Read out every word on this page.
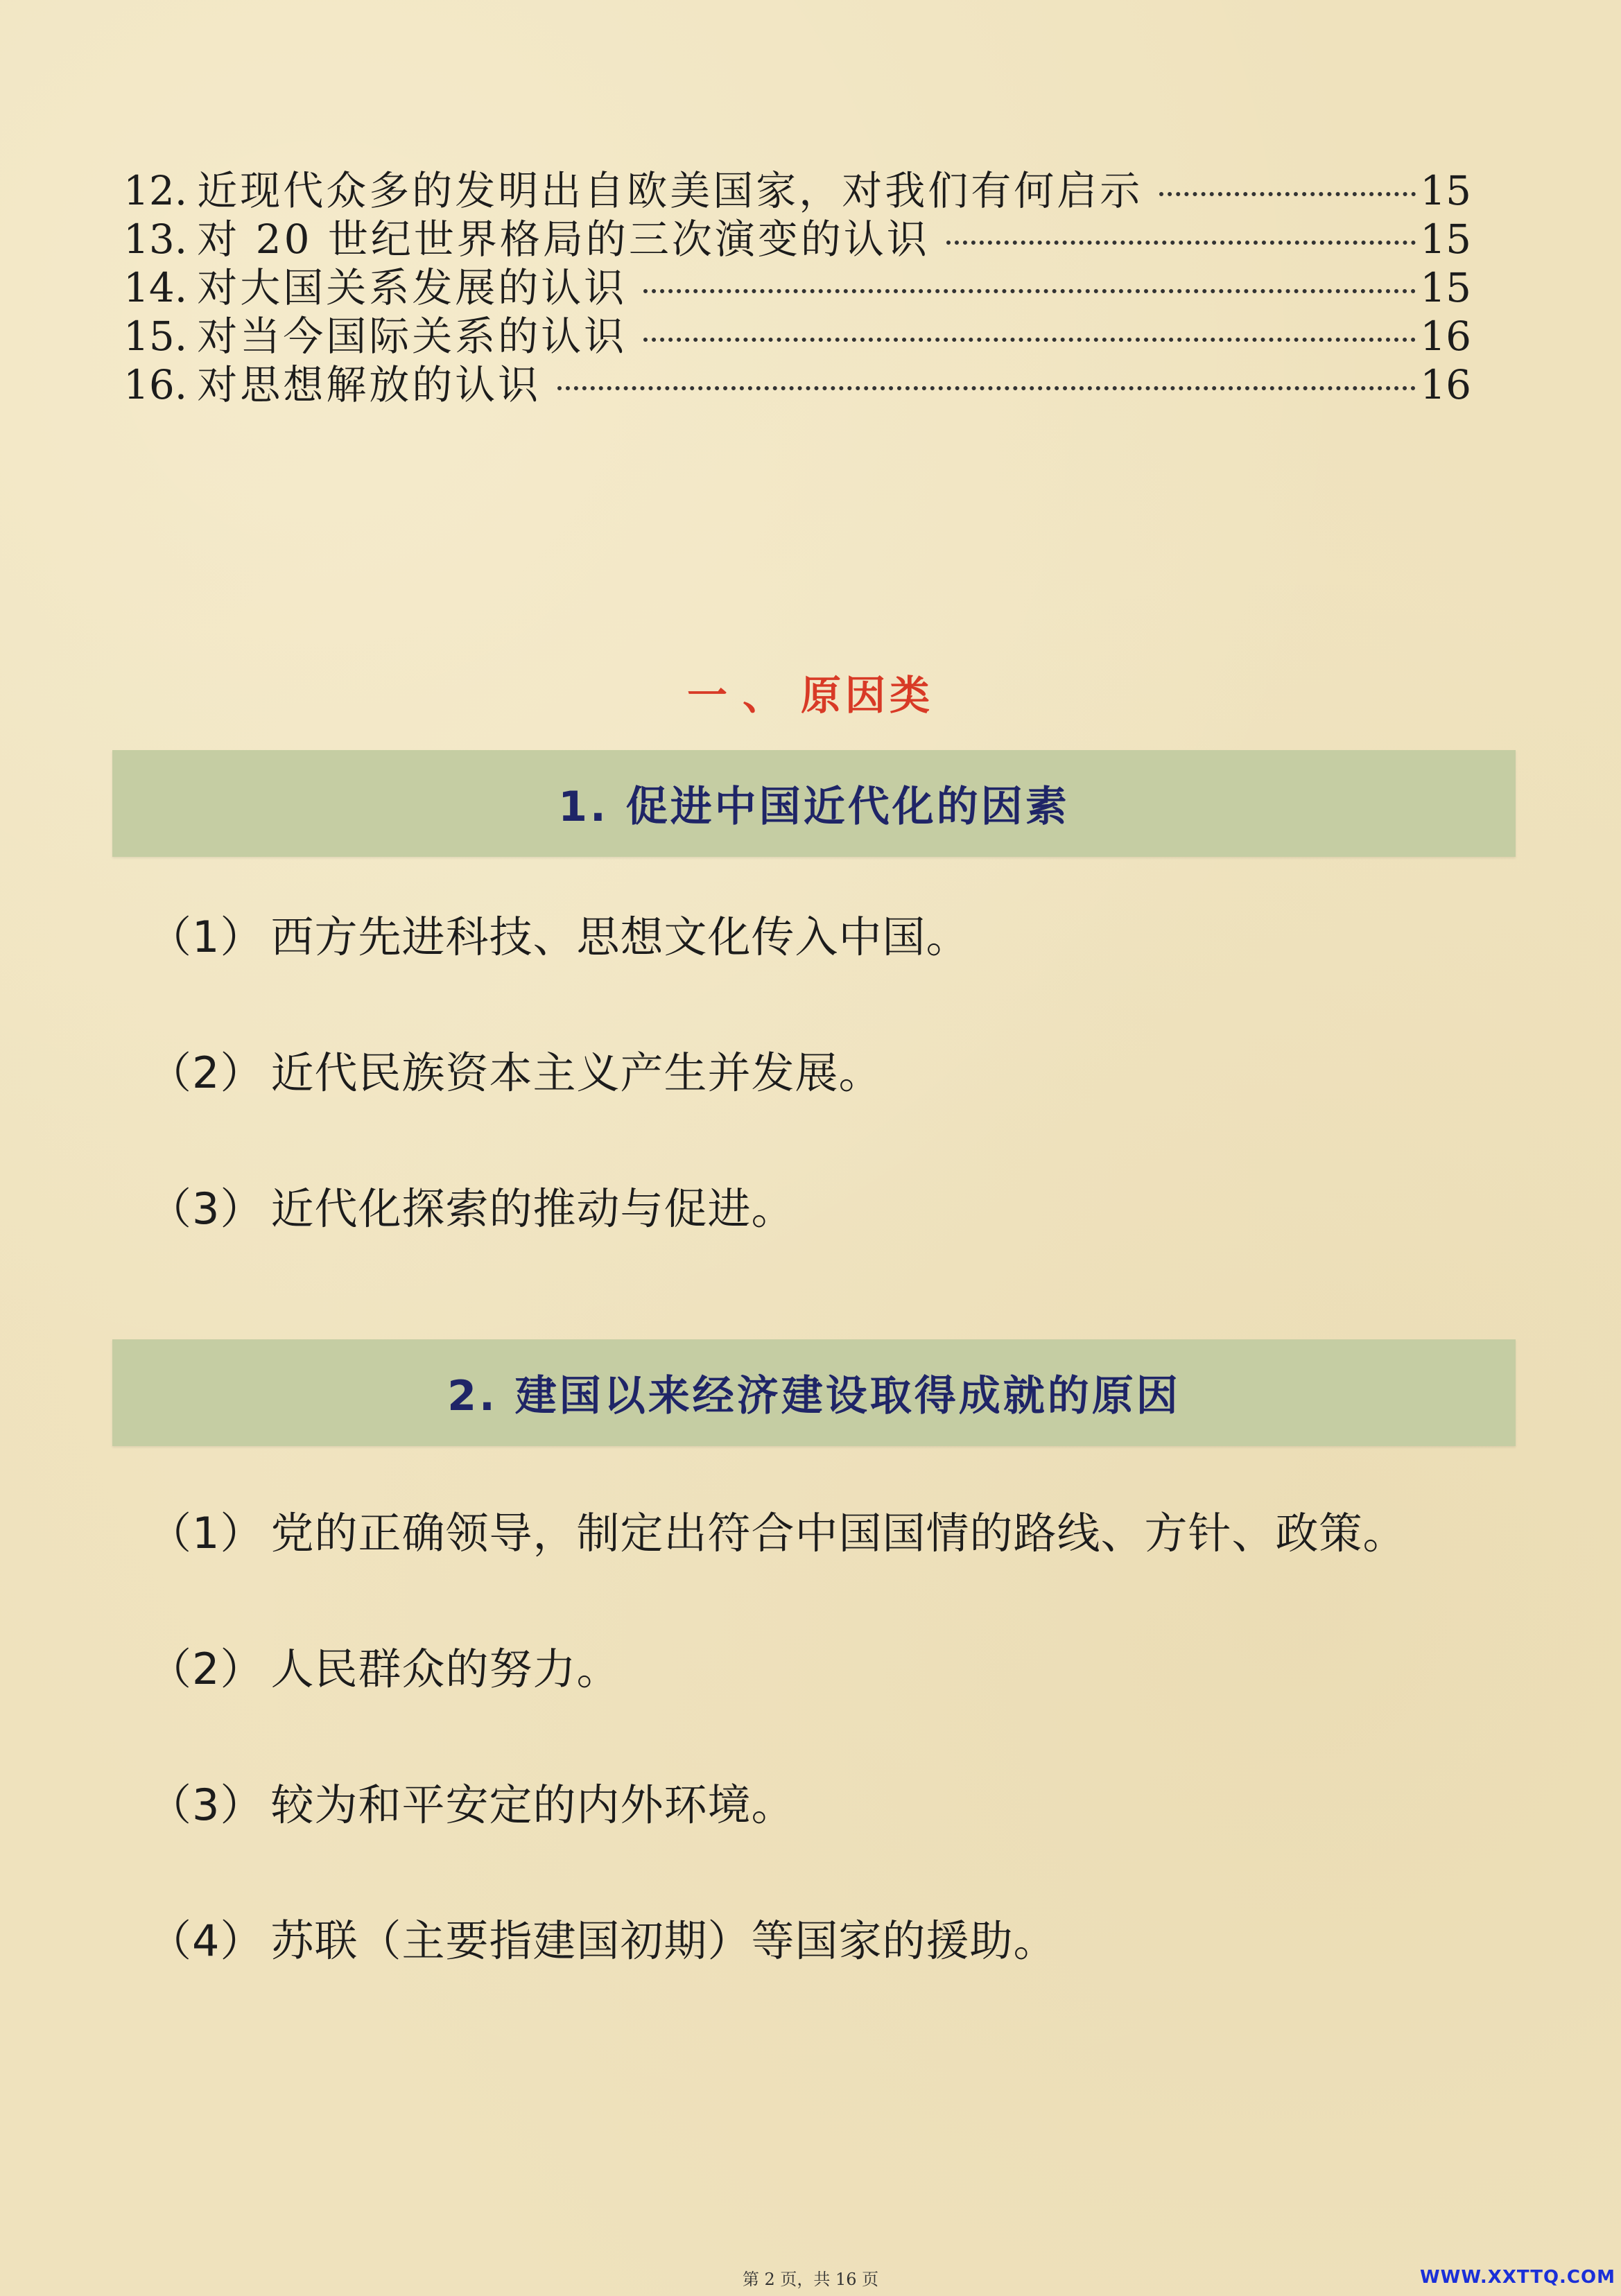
12. 近现代众多的发明出自欧美国家，对我们有何启示	15
13. 对 20 世纪世界格局的三次演变的认识	15
14. 对大国关系发展的认识	15
15. 对当今国际关系的认识	16
16. 对思想解放的认识	16
一 、 原因类
1. 促进中国近代化的因素
（1） 西方先进科技、思想文化传入中国。
（2） 近代民族资本主义产生并发展。
（3） 近代化探索的推动与促进。
2. 建国以来经济建设取得成就的原因
（1） 党的正确领导，制定出符合中国国情的路线、方针、政策。
（2） 人民群众的努力。
（3） 较为和平安定的内外环境。
（4） 苏联（主要指建国初期）等国家的援助。
第 2 页，共 16 页	WWW.XXTTQ.COM
